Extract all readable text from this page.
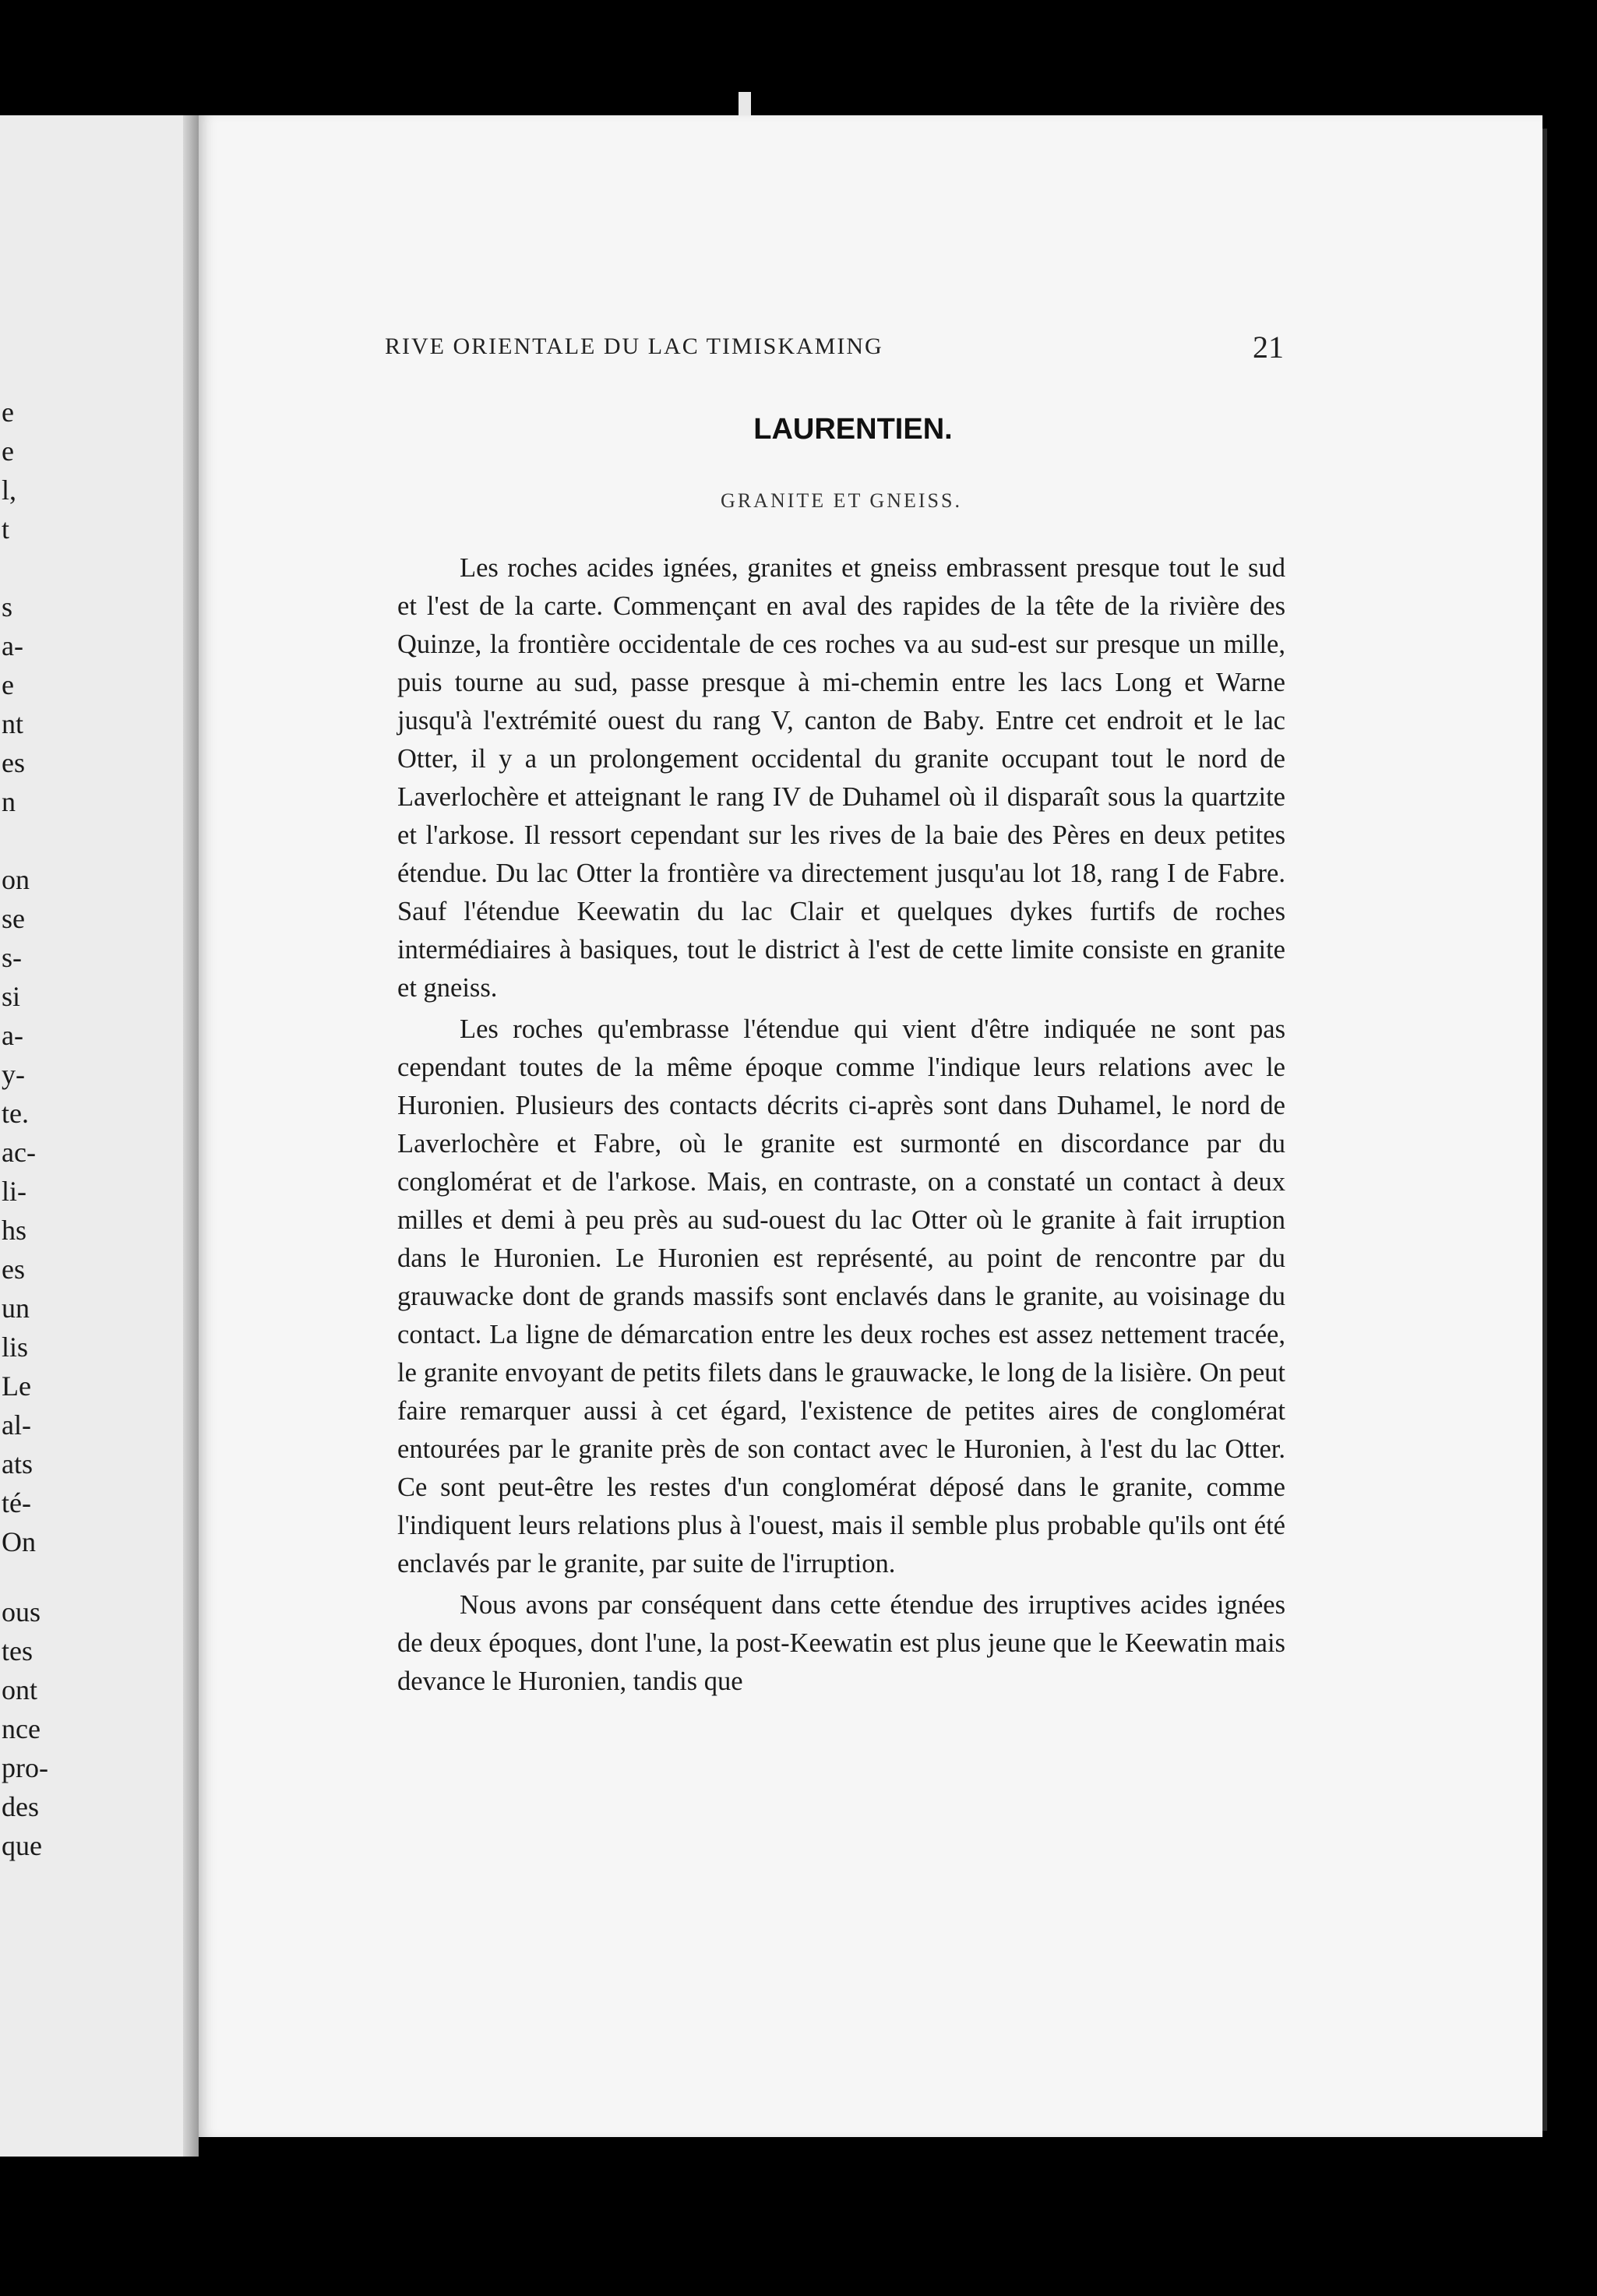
e
e
l,
t
s
a-
e
nt
es
n
on
se
s-
si
a-
y-
te.
ac-
li-
hs
es
un
lis
Le
al-
ats
té-
On
ous
tes
ont
nce
pro-
des
que
RIVE ORIENTALE DU LAC TIMISKAMING	21
LAURENTIEN.
GRANITE ET GNEISS.

Les roches acides ignées, granites et gneiss embrassent presque tout le sud et l'est de la carte. Commençant en aval des rapides de la tête de la rivière des Quinze, la frontière occidentale de ces roches va au sud-est sur presque un mille, puis tourne au sud, passe presque à mi-chemin entre les lacs Long et Warne jusqu'à l'extrémité ouest du rang V, canton de Baby. Entre cet endroit et le lac Otter, il y a un prolongement occidental du granite occupant tout le nord de Laverlochère et atteignant le rang IV de Duhamel où il disparaît sous la quartzite et l'arkose. Il ressort cependant sur les rives de la baie des Pères en deux petites étendue. Du lac Otter la frontière va directement jusqu'au lot 18, rang I de Fabre. Sauf l'étendue Keewatin du lac Clair et quelques dykes furtifs de roches intermédiaires à basiques, tout le district à l'est de cette limite consiste en granite et gneiss.

Les roches qu'embrasse l'étendue qui vient d'être indiquée ne sont pas cependant toutes de la même époque comme l'indique leurs relations avec le Huronien. Plusieurs des contacts décrits ci-après sont dans Duhamel, le nord de Laverlochère et Fabre, où le granite est surmonté en discordance par du conglomérat et de l'arkose. Mais, en contraste, on a constaté un contact à deux milles et demi à peu près au sud-ouest du lac Otter où le granite à fait irruption dans le Huronien. Le Huronien est représenté, au point de rencontre par du grauwacke dont de grands massifs sont enclavés dans le granite, au voisinage du contact. La ligne de démarcation entre les deux roches est assez nettement tracée, le granite envoyant de petits filets dans le grauwacke, le long de la lisière. On peut faire remarquer aussi à cet égard, l'existence de petites aires de conglomérat entourées par le granite près de son contact avec le Huronien, à l'est du lac Otter. Ce sont peut-être les restes d'un conglomérat déposé dans le granite, comme l'indiquent leurs relations plus à l'ouest, mais il semble plus probable qu'ils ont été enclavés par le granite, par suite de l'irruption.

Nous avons par conséquent dans cette étendue des irruptives acides ignées de deux époques, dont l'une, la post-Keewatin est plus jeune que le Keewatin mais devance le Huronien, tandis que
